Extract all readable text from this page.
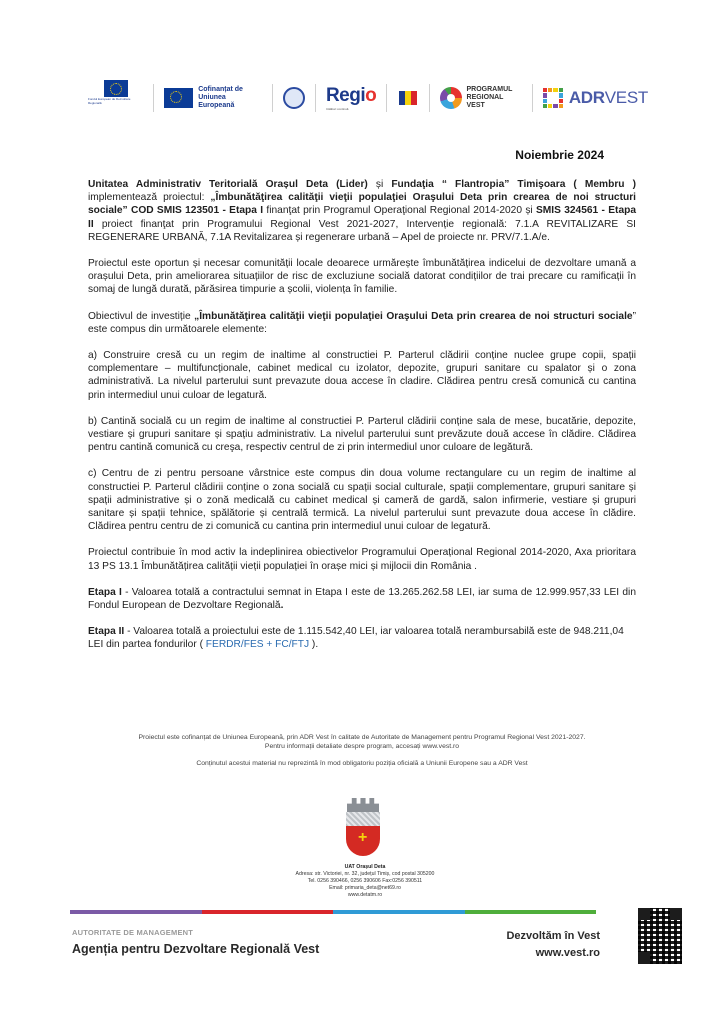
Fondul European de Dezvoltare Regională
Cofinanțat de
Uniunea Europeană	Regio
Călători continuă
PROGRAMUL
REGIONAL VEST	ADRVEST
Noiembrie 2024

Unitatea Administrativ Teritorială Orașul Deta (Lider) și Fundaţia “ Flantropia” Timişoara ( Membru ) implementează proiectul: „Îmbunătăţirea calităţii vieţii populaţiei Oraşului Deta prin crearea de noi structuri sociale” COD SMIS 123501 - Etapa I finanţat prin Programul Operaţional Regional 2014-2020 și SMIS 324561 - Etapa II proiect finanţat prin Programului Regional Vest 2021-2027, Intervenție regională: 7.1.A REVITALIZARE SI REGENERARE URBANĂ, 7.1A Revitalizarea și regenerare urbană – Apel de proiecte nr. PRV/7.1.A/e.

Proiectul este oportun și necesar comunității locale deoarece urmărește îmbunătățirea indicelui de dezvoltare umană a orașului Deta, prin ameliorarea situațiilor de risc de excluziune socială datorat condițiilor de trai precare cu ramificații în somaj de lungă durată, părăsirea timpurie a școlii, violența în familie.

Obiectivul de investiție „Îmbunătăţirea calităţii vieţii populaţiei Oraşului Deta prin crearea de noi structuri sociale” este compus din următoarele elemente:

a) Construire cresă cu un regim de inaltime al constructiei P. Parterul clădirii conține nuclee grupe copii, spații complementare – multifuncționale, cabinet medical cu izolator, depozite, grupuri sanitare cu spalator și o zona administrativă. La nivelul parterului sunt prevazute doua accese în cladire. Clădirea pentru cresă comunică cu cantina prin intermediul unui culoar de legatură.

b) Cantină socială cu un regim de inaltime al constructiei P. Parterul clădirii conține sala de mese, bucatărie, depozite, vestiare și grupuri sanitare și spațiu administrativ. La nivelul parterului sunt prevăzute două accese în clădire. Clădirea pentru cantină comunică cu creşa, respectiv centrul de zi prin intermediul unor culoare de legătură.

c) Centru de zi pentru persoane vârstnice este compus din doua volume rectangulare cu un regim de inaltime al constructiei P. Parterul clădirii conține o zona socială cu spații social culturale, spații complementare, grupuri sanitare și spații administrative și o zonă medicală cu cabinet medical și cameră de gardă, salon infirmerie, vestiare și grupuri sanitare și spații tehnice, spălătorie și centrală termică. La nivelul parterului sunt prevazute doua accese în clădire. Clădirea pentru centru de zi comunică cu cantina prin intermediul unui culoar de legatură.

Proiectul contribuie în mod activ la indeplinirea obiectivelor Programului Operațional Regional 2014-2020, Axa prioritara 13 PS 13.1 Îmbunătățirea calității vieții populației în orașe mici și mijlocii din România .

Etapa I - Valoarea totală a contractului semnat in Etapa I este de 13.265.262.58 LEI, iar suma de 12.999.957,33 LEI din Fondul European de Dezvoltare Regională.

Etapa II - Valoarea totală a proiectului este de 1.115.542,40 LEI, iar valoarea totală nerambursabilă este de 948.211,04 LEI din partea fondurilor ( FERDR/FES + FC/FTJ ).

Proiectul este cofinanțat de Uniunea Europeană, prin ADR Vest în calitate de Autoritate de Management pentru Programul Regional Vest 2021-2027.
Pentru informații detaliate despre program, accesați www.vest.ro

Conținutul acestui material nu reprezintă în mod obligatoriu poziția oficială a Uniunii Europene sau a ADR Vest

+
UAT Orașul Deta
Adresa: str. Victoriei, nr. 32, județul Timiș, cod postal 305200
Tel. 0256 390466, 0256 390606 Fax:0256 390511
Email: primaria_deta@net69.ro
www.detatm.ro
AUTORITATE DE MANAGEMENT
Agenția pentru Dezvoltare Regională Vest
Dezvoltăm în Vest
www.vest.ro
